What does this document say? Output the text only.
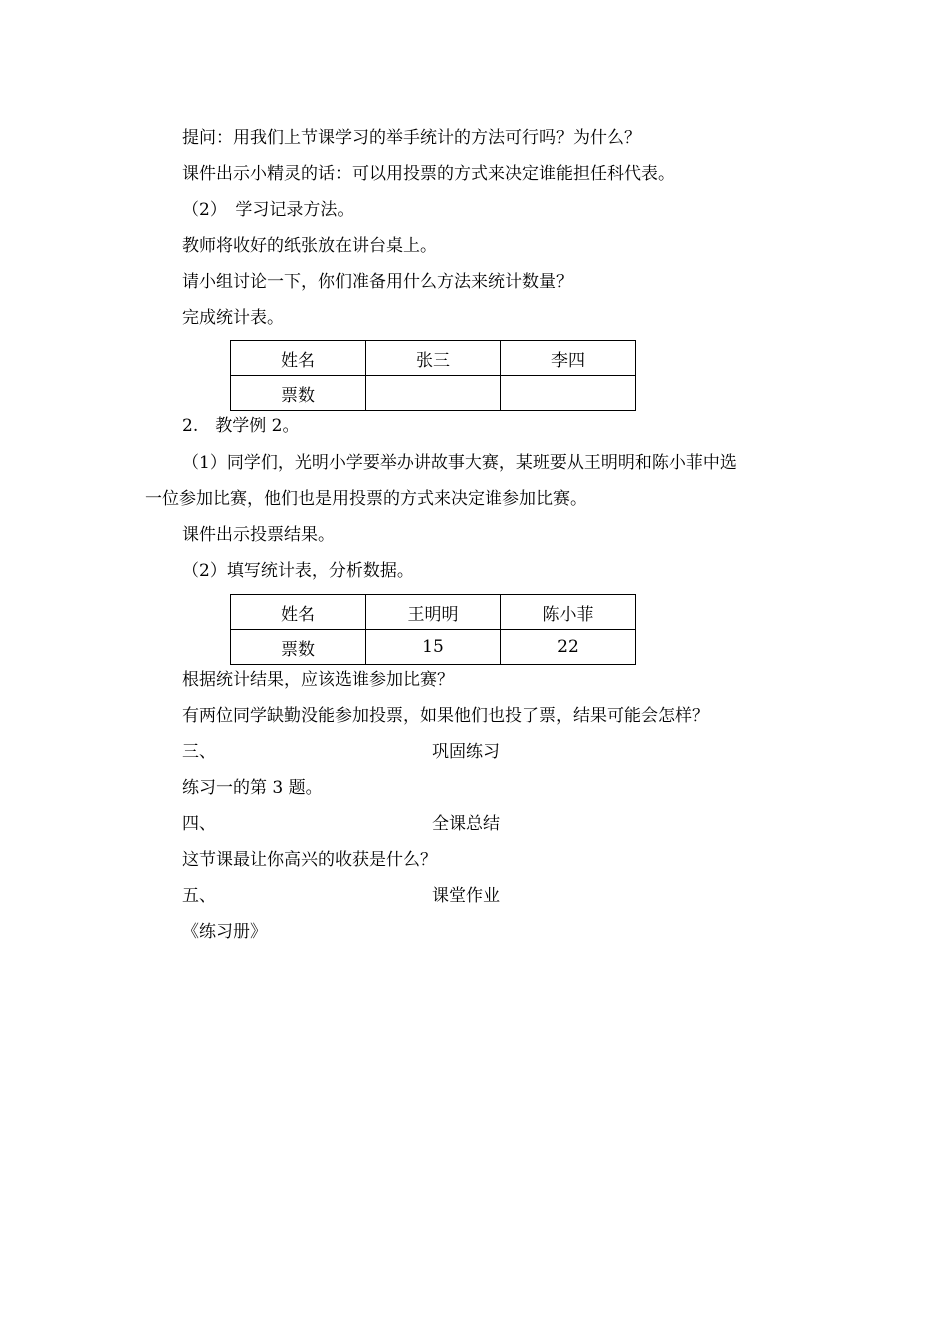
提问：用我们上节课学习的举手统计的方法可行吗？为什么？
课件出示小精灵的话：可以用投票的方式来决定谁能担任科代表。
（2）　学习记录方法。
教师将收好的纸张放在讲台桌上。
请小组讨论一下，你们准备用什么方法来统计数量？
完成统计表。
姓名	张三	李四
票数		
2.　教学例 2。
（1）同学们，光明小学要举办讲故事大赛，某班要从王明明和陈小菲中选
一位参加比赛，他们也是用投票的方式来决定谁参加比赛。
课件出示投票结果。
（2）填写统计表，分析数据。
姓名	王明明	陈小菲
票数	15	22
根据统计结果，应该选谁参加比赛？
有两位同学缺勤没能参加投票，如果他们也投了票，结果可能会怎样？
三、	巩固练习
练习一的第 3 题。
四、	全课总结
这节课最让你高兴的收获是什么？
五、	课堂作业
《练习册》
